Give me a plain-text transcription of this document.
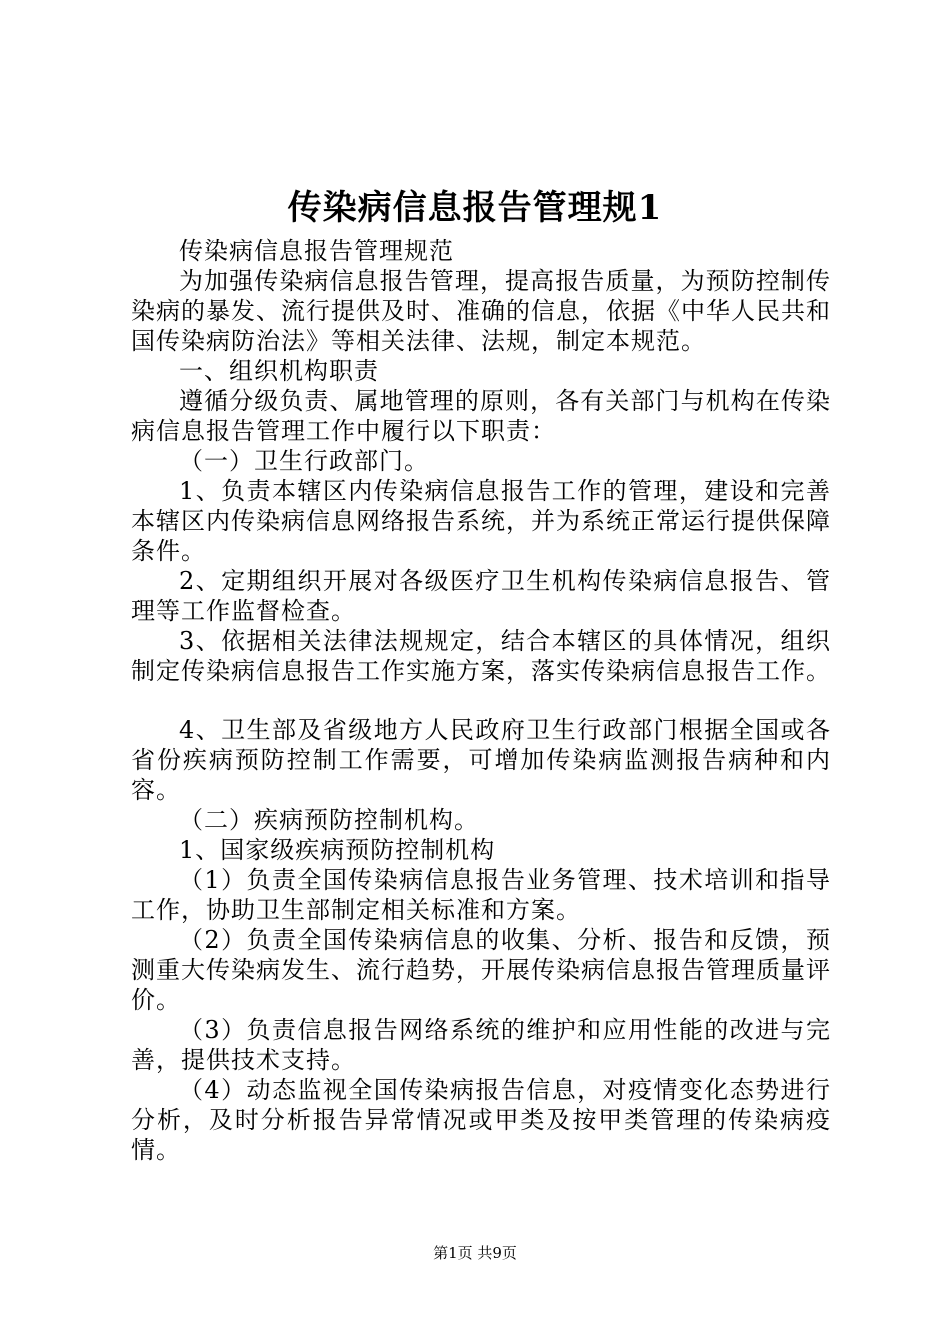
传染病信息报告管理规1

传染病信息报告管理规范

为加强传染病信息报告管理，提高报告质量，为预防控制传染病的暴发、流行提供及时、准确的信息，依据《中华人民共和国传染病防治法》等相关法律、法规，制定本规范。

一、组织机构职责

遵循分级负责、属地管理的原则，各有关部门与机构在传染病信息报告管理工作中履行以下职责：

（一）卫生行政部门。

1、负责本辖区内传染病信息报告工作的管理，建设和完善本辖区内传染病信息网络报告系统，并为系统正常运行提供保障条件。

2、定期组织开展对各级医疗卫生机构传染病信息报告、管理等工作监督检查。

3、依据相关法律法规规定，结合本辖区的具体情况，组织制定传染病信息报告工作实施方案，落实传染病信息报告工作。

4、卫生部及省级地方人民政府卫生行政部门根据全国或各省份疾病预防控制工作需要，可增加传染病监测报告病种和内容。

（二）疾病预防控制机构。

1、国家级疾病预防控制机构

（1）负责全国传染病信息报告业务管理、技术培训和指导工作，协助卫生部制定相关标准和方案。

（2）负责全国传染病信息的收集、分析、报告和反馈，预测重大传染病发生、流行趋势，开展传染病信息报告管理质量评价。

（3）负责信息报告网络系统的维护和应用性能的改进与完善，提供技术支持。

（4）动态监视全国传染病报告信息，对疫情变化态势进行分析，及时分析报告异常情况或甲类及按甲类管理的传染病疫情。

第1页 共9页
